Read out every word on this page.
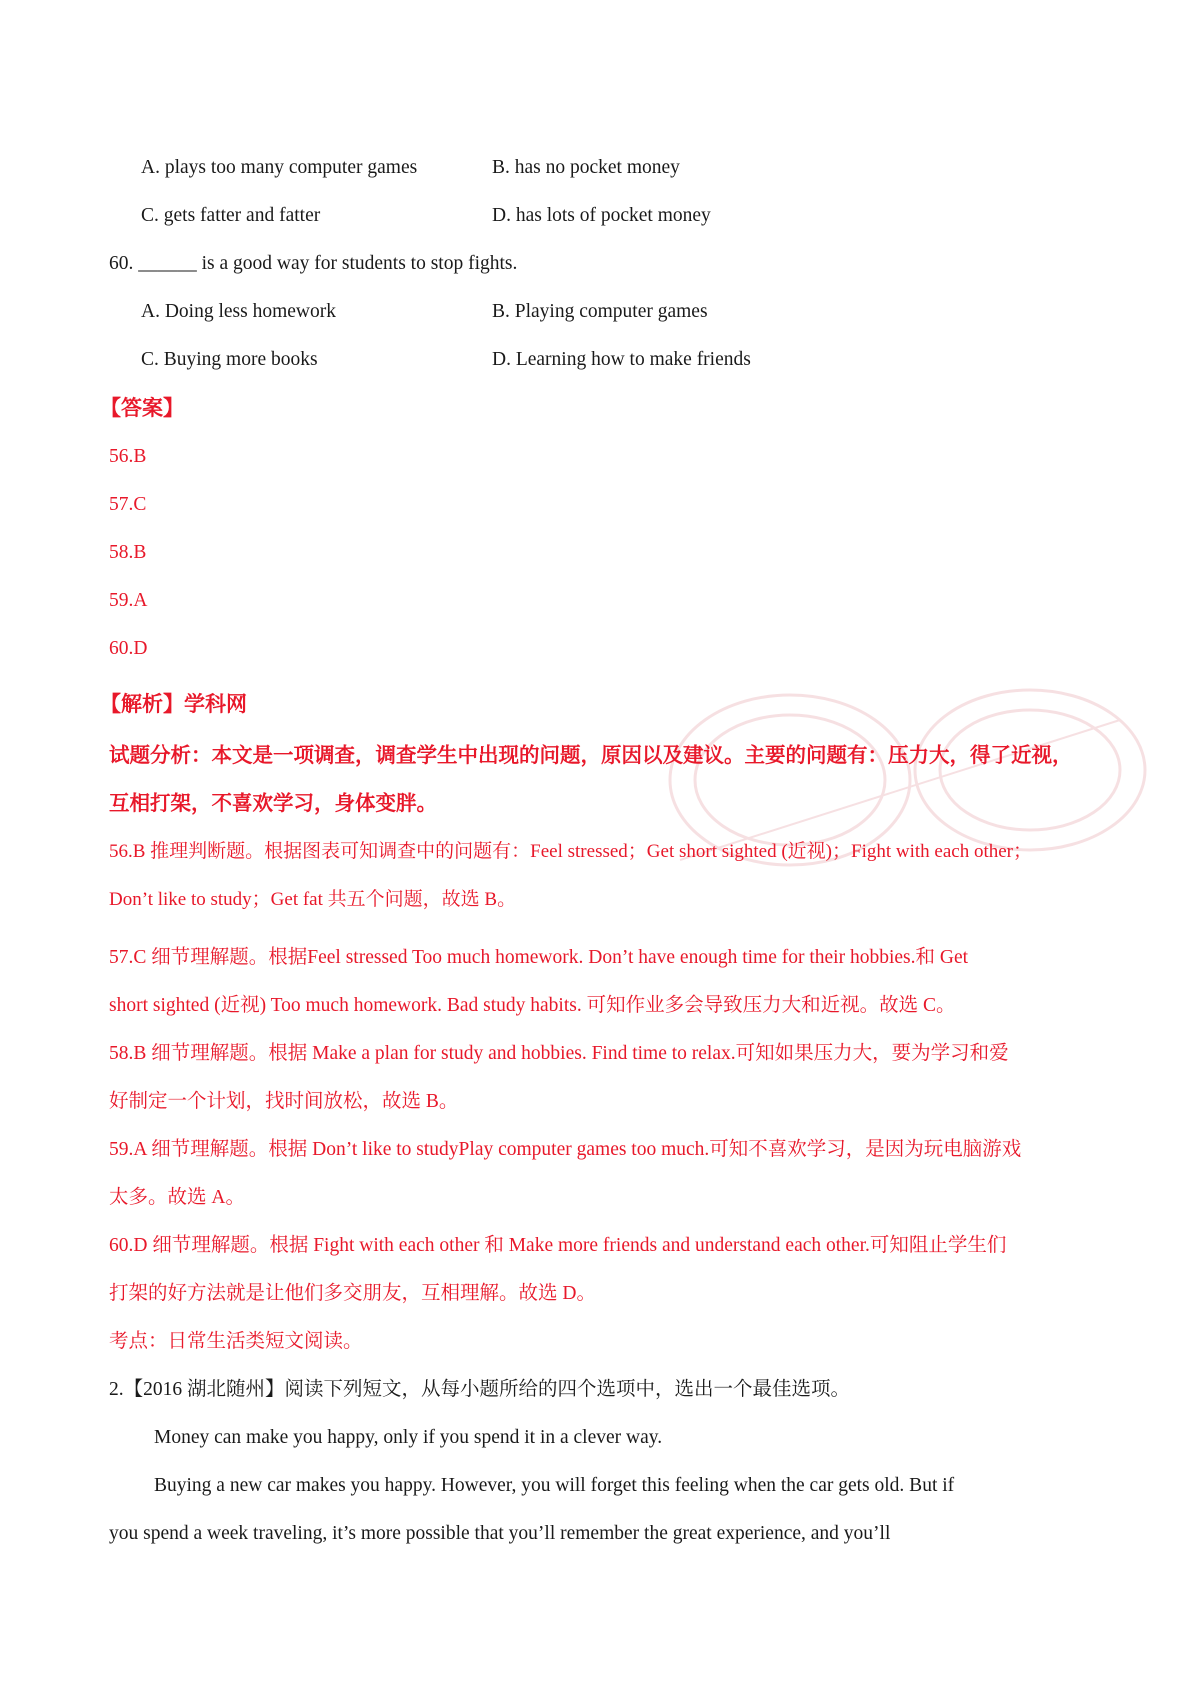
A. plays too many computer games	B. has no pocket money
C. gets fatter and fatter	D. has lots of pocket money
60. ______ is a good way for students to stop fights.
A. Doing less homework	B. Playing computer games
C. Buying more books	D. Learning how to make friends
【答案】
56.B
57.C
58.B
59.A
60.D
【解析】学科网
试题分析：本文是一项调查，调查学生中出现的问题，原因以及建议。主要的问题有：压力大，得了近视，
互相打架，不喜欢学习，身体变胖。
56.B 推理判断题。根据图表可知调查中的问题有：Feel stressed；Get short sighted (近视)；Fight with each other；
Don’t like to study；Get fat 共五个问题，故选 B。
57.C 细节理解题。根据Feel stressed Too much homework. Don’t have enough time for their hobbies.和 Get
short sighted (近视) Too much homework. Bad study habits. 可知作业多会导致压力大和近视。故选 C。
58.B 细节理解题。根据 Make a plan for study and hobbies. Find time to relax.可知如果压力大，要为学习和爱
好制定一个计划，找时间放松，故选 B。
59.A 细节理解题。根据 Don’t like to studyPlay computer games too much.可知不喜欢学习，是因为玩电脑游戏
太多。故选 A。
60.D 细节理解题。根据 Fight with each other 和 Make more friends and understand each other.可知阻止学生们
打架的好方法就是让他们多交朋友，互相理解。故选 D。
考点：日常生活类短文阅读。
2.【2016 湖北随州】阅读下列短文，从每小题所给的四个选项中，选出一个最佳选项。
Money can make you happy, only if you spend it in a clever way.
Buying a new car makes you happy. However, you will forget this feeling when the car gets old. But if
you spend a week traveling, it’s more possible that you’ll remember the great experience, and you’ll
